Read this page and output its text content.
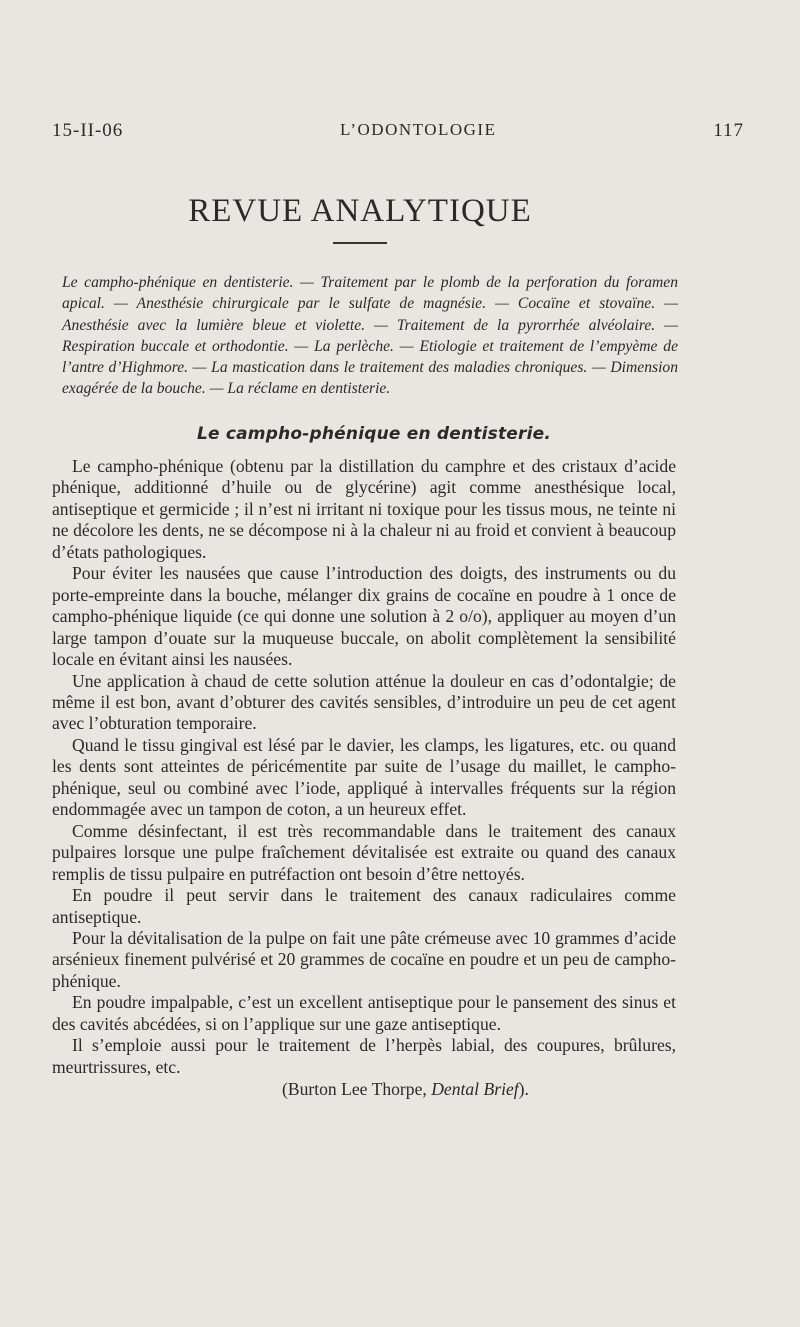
15-II-06	L’ODONTOLOGIE	117
REVUE ANALYTIQUE

Le campho-phénique en dentisterie. — Traitement par le plomb de la perforation du foramen apical. — Anesthésie chirurgicale par le sulfate de magnésie. — Cocaïne et stovaïne. — Anesthésie avec la lumière bleue et violette. — Traitement de la pyrorrhée alvéolaire. — Respiration buccale et orthodontie. — La perlèche. — Etiologie et traitement de l’empyème de l’antre d’Highmore. — La mastication dans le traitement des maladies chroniques. — Dimension exagérée de la bouche. — La réclame en dentisterie.

Le campho-phénique en dentisterie.

Le campho-phénique (obtenu par la distillation du camphre et des cristaux d’acide phénique, additionné d’huile ou de glycérine) agit comme anesthésique local, antiseptique et germicide ; il n’est ni irritant ni toxique pour les tissus mous, ne teinte ni ne décolore les dents, ne se décompose ni à la chaleur ni au froid et convient à beaucoup d’états pathologiques.

Pour éviter les nausées que cause l’introduction des doigts, des instruments ou du porte-empreinte dans la bouche, mélanger dix grains de cocaïne en poudre à 1 once de campho-phénique liquide (ce qui donne une solution à 2 o/o), appliquer au moyen d’un large tampon d’ouate sur la muqueuse buccale, on abolit complètement la sensibilité locale en évitant ainsi les nausées.

Une application à chaud de cette solution atténue la douleur en cas d’odontalgie; de même il est bon, avant d’obturer des cavités sensibles, d’introduire un peu de cet agent avec l’obturation temporaire.

Quand le tissu gingival est lésé par le davier, les clamps, les ligatures, etc. ou quand les dents sont atteintes de péricémentite par suite de l’usage du maillet, le campho-phénique, seul ou combiné avec l’iode, appliqué à intervalles fréquents sur la région endommagée avec un tampon de coton, a un heureux effet.

Comme désinfectant, il est très recommandable dans le traitement des canaux pulpaires lorsque une pulpe fraîchement dévitalisée est extraite ou quand des canaux remplis de tissu pulpaire en putréfaction ont besoin d’être nettoyés.

En poudre il peut servir dans le traitement des canaux radiculaires comme antiseptique.

Pour la dévitalisation de la pulpe on fait une pâte crémeuse avec 10 grammes d’acide arsénieux finement pulvérisé et 20 grammes de cocaïne en poudre et un peu de campho-phénique.

En poudre impalpable, c’est un excellent antiseptique pour le pansement des sinus et des cavités abcédées, si on l’applique sur une gaze antiseptique.

Il s’emploie aussi pour le traitement de l’herpès labial, des coupures, brûlures, meurtrissures, etc.

(Burton Lee Thorpe, Dental Brief).
